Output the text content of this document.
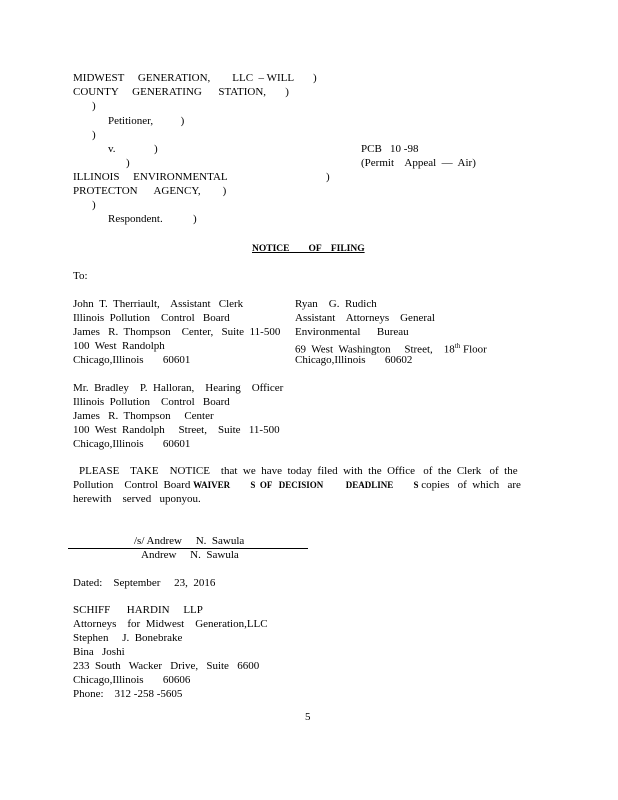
MIDWEST     GENERATION,        LLC  – WILL       )
COUNTY     GENERATING      STATION,       )
)
Petitioner,          )
)
v.              )	PCB   10 -98
)	(Permit    Appeal  —  Air)
ILLINOIS     ENVIRONMENTAL	)
PROTECTON      AGENCY,        )
)
Respondent.           )
NOTICE        OF    FILING
To:
John  T.  Therriault,    Assistant   Clerk
Illinois  Pollution    Control   Board
James   R.  Thompson    Center,   Suite  11-500
100  West  Randolph
Chicago,Illinois       60601
Ryan    G.  Rudich
Assistant    Attorneys    General
Environmental      Bureau
69  West  Washington     Street,    18th Floor
Chicago,Illinois       60602
Mr.  Bradley    P.  Halloran,    Hearing    Officer
Illinois  Pollution    Control   Board
James   R.  Thompson     Center
100  West  Randolph     Street,    Suite   11-500
Chicago,Illinois       60601
PLEASE    TAKE    NOTICE    that  we  have  today  filed  with  the  Office   of  the  Clerk   of  the
Pollution    Control  Board WAIVER         S  OF   DECISION          DEADLINE         S copies   of  which   are
herewith    served   uponyou.
/s/ Andrew     N.  Sawula
Andrew     N.  Sawula
Dated:    September     23,  2016
SCHIFF      HARDIN     LLP
Attorneys    for  Midwest    Generation,LLC
Stephen     J.  Bonebrake
Bina   Joshi
233  South   Wacker   Drive,   Suite   6600
Chicago,Illinois       60606
Phone:    312 -258 -5605
5
